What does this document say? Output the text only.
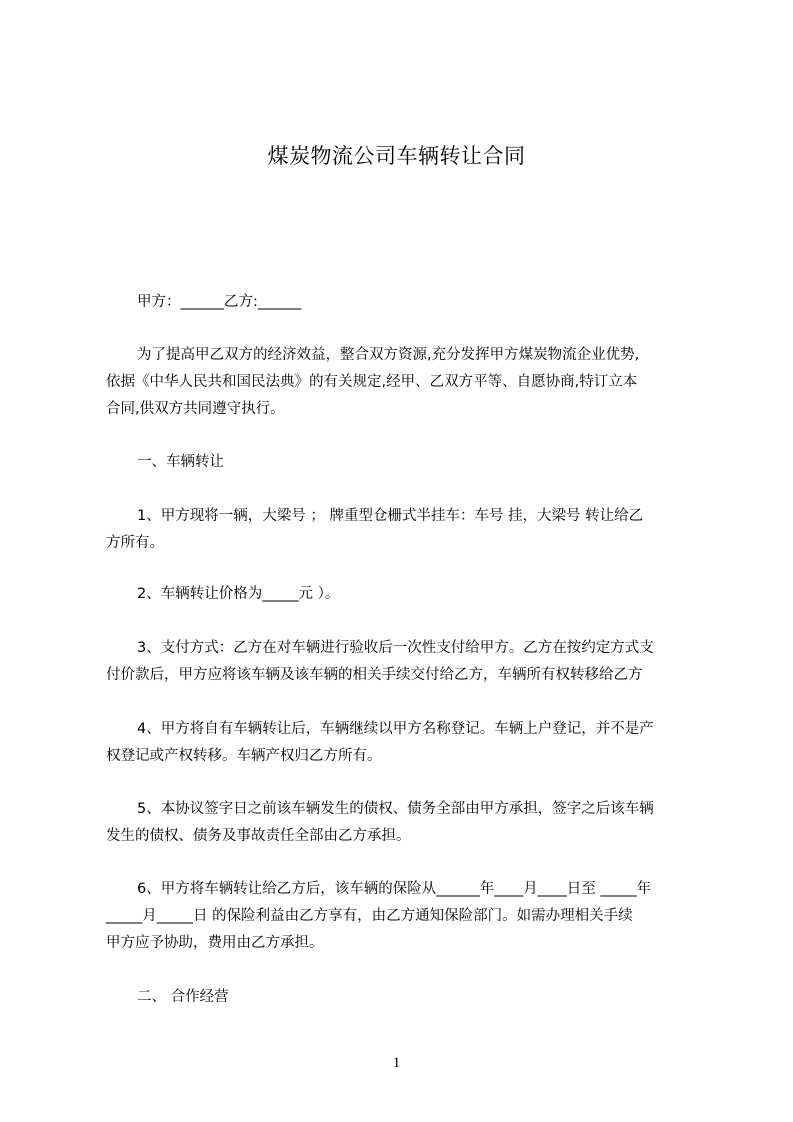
煤炭物流公司车辆转让合同
甲方：______乙方:______
为了提高甲乙双方的经济效益，整合双方资源,充分发挥甲方煤炭物流企业优势,
依据《中华人民共和国民法典》的有关规定,经甲、乙双方平等、自愿协商,特订立本
合同,供双方共同遵守执行。
一、车辆转让
1、甲方现将一辆，大梁号 ； 牌重型仓栅式半挂车：车号 挂，大梁号 转让给乙
方所有。
2、车辆转让价格为_____元 ）。
3、支付方式：乙方在对车辆进行验收后一次性支付给甲方。乙方在按约定方式支
付价款后，甲方应将该车辆及该车辆的相关手续交付给乙方，车辆所有权转移给乙方
4、甲方将自有车辆转让后，车辆继续以甲方名称登记。车辆上户登记，并不是产
权登记或产权转移。车辆产权归乙方所有。
5、本协议签字日之前该车辆发生的债权、债务全部由甲方承担，签字之后该车辆
发生的债权、债务及事故责任全部由乙方承担。
6、甲方将车辆转让给乙方后，该车辆的保险从______年____月____日至 _____年
_____月_____日 的保险利益由乙方享有，由乙方通知保险部门。如需办理相关手续
甲方应予协助，费用由乙方承担。
二、 合作经营
1
